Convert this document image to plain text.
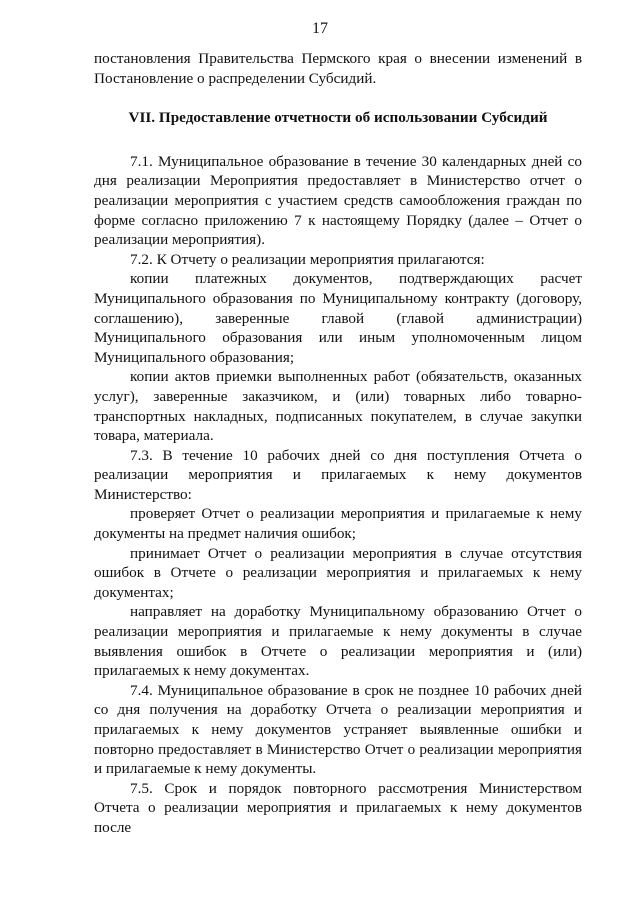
17

постановления Правительства Пермского края о внесении изменений в Постановление о распределении Субсидий.

VII. Предоставление отчетности об использовании Субсидий

7.1. Муниципальное образование в течение 30 календарных дней со дня реализации Мероприятия предоставляет в Министерство отчет о реализации мероприятия с участием средств самообложения граждан по форме согласно приложению 7 к настоящему Порядку (далее – Отчет о реализации мероприятия).

7.2. К Отчету о реализации мероприятия прилагаются:

копии платежных документов, подтверждающих расчет Муниципального образования по Муниципальному контракту (договору, соглашению), заверенные главой (главой администрации) Муниципального образования или иным уполномоченным лицом Муниципального образования;

копии актов приемки выполненных работ (обязательств, оказанных услуг), заверенные заказчиком, и (или) товарных либо товарно-транспортных накладных, подписанных покупателем, в случае закупки товара, материала.

7.3. В течение 10 рабочих дней со дня поступления Отчета о реализации мероприятия и прилагаемых к нему документов Министерство:

проверяет Отчет о реализации мероприятия и прилагаемые к нему документы на предмет наличия ошибок;

принимает Отчет о реализации мероприятия в случае отсутствия ошибок в Отчете о реализации мероприятия и прилагаемых к нему документах;

направляет на доработку Муниципальному образованию Отчет о реализации мероприятия и прилагаемые к нему документы в случае выявления ошибок в Отчете о реализации мероприятия и (или) прилагаемых к нему документах.

7.4. Муниципальное образование в срок не позднее 10 рабочих дней со дня получения на доработку Отчета о реализации мероприятия и прилагаемых к нему документов устраняет выявленные ошибки и повторно предоставляет в Министерство Отчет о реализации мероприятия и прилагаемые к нему документы.

7.5. Срок и порядок повторного рассмотрения Министерством Отчета о реализации мероприятия и прилагаемых к нему документов после
